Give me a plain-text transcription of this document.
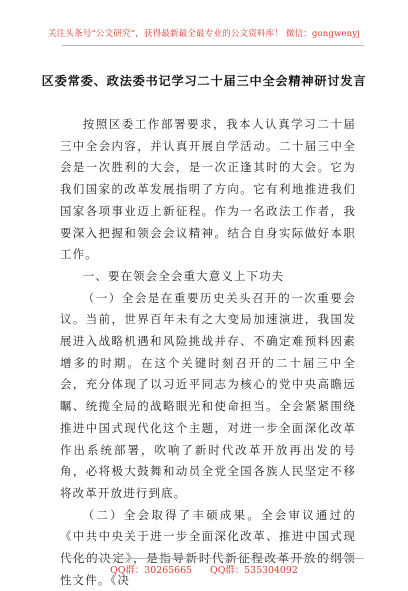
关注头条号“公文研究”，获得最新最全最专业的公文资料库！ 微信：gongwenyj
区委常委、政法委书记学习二十届三中全会精神研讨发言

按照区委工作部署要求，我本人认真学习二十届三中全会内容，并认真开展自学活动。二十届三中全会是一次胜利的大会，是一次正逢其时的大会。它为我们国家的改革发展指明了方向。它有利地推进我们国家各项事业迈上新征程。作为一名政法工作者，我要深入把握和领会会议精神。结合自身实际做好本职工作。

一、要在领会全会重大意义上下功夫

（一）全会是在重要历史关头召开的一次重要会议。当前，世界百年未有之大变局加速演进，我国发展进入战略机遇和风险挑战并存、不确定难预料因素增多的时期。在这个关键时刻召开的二十届三中全会，充分体现了以习近平同志为核心的党中央高瞻远瞩、统揽全局的战略眼光和使命担当。全会紧紧围绕推进中国式现代化这个主题，对进一步全面深化改革作出系统部署，吹响了新时代改革开放再出发的号角，必将极大鼓舞和动员全党全国各族人民坚定不移将改革开放进行到底。

（二）全会取得了丰硕成果。全会审议通过的《中共中央关于进一步全面深化改革、推进中国式现代化的决定》，是指导新时代新征程改革开放的纲领性文件。《决

QQ群：30265665 QQ群：535304092
